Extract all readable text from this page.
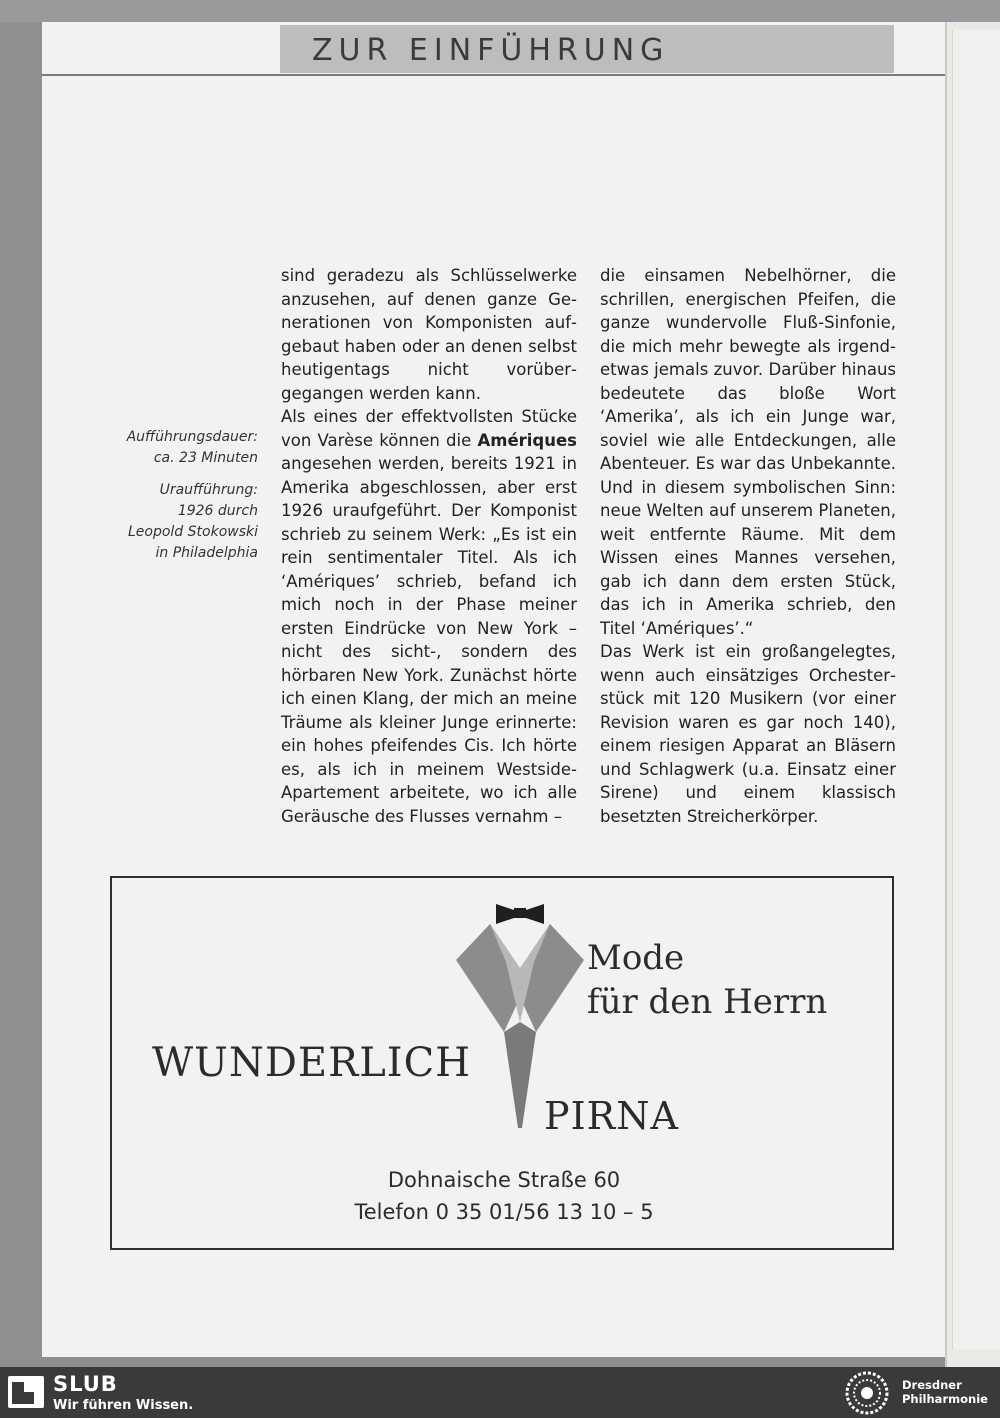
ZUR EINFÜHRUNG

Aufführungsdauer:
ca. 23 Minuten

Uraufführung:
1926 durch
Leopold Stokowski
in Philadelphia

sind geradezu als Schlüsselwerke anzusehen, auf denen ganze Generationen von Komponisten aufgebaut haben oder an denen selbst heutigentags nicht vorübergegangen werden kann.

Als eines der effektvollsten Stücke von Varèse können die Amériques angesehen werden, bereits 1921 in Amerika abgeschlossen, aber erst 1926 uraufgeführt. Der Komponist schrieb zu seinem Werk: „Es ist ein rein sentimentaler Titel. Als ich ‘Amériques’ schrieb, befand ich mich noch in der Phase meiner ersten Eindrücke von New York – nicht des sicht-, sondern des hörbaren New York. Zunächst hörte ich einen Klang, der mich an meine Träume als kleiner Junge erinnerte: ein hohes pfeifendes Cis. Ich hörte es, als ich in meinem Westside-Apartement arbeitete, wo ich alle Geräusche des Flusses vernahm –

die einsamen Nebelhörner, die schrillen, energischen Pfeifen, die ganze wundervolle Fluß-Sinfonie, die mich mehr bewegte als irgendetwas jemals zuvor. Darüber hinaus bedeutete das bloße Wort ‘Amerika’, als ich ein Junge war, soviel wie alle Entdeckungen, alle Abenteuer. Es war das Unbekannte. Und in diesem symbolischen Sinn: neue Welten auf unserem Planeten, weit entfernte Räume. Mit dem Wissen eines Mannes versehen, gab ich dann dem ersten Stück, das ich in Amerika schrieb, den Titel ‘Amériques’.“

Das Werk ist ein großangelegtes, wenn auch einsätziges Orchesterstück mit 120 Musikern (vor einer Revision waren es gar noch 140), einem riesigen Apparat an Bläsern und Schlagwerk (u.a. Einsatz einer Sirene) und einem klassisch besetzten Streicherkörper.

Mode
für den Herrn
WUNDERLICH
PIRNA
Dohnaische Straße 60
Telefon 0 35 01/56 13 10 – 5
SLUB
Wir führen Wissen.
Dresdner
Philharmonie
